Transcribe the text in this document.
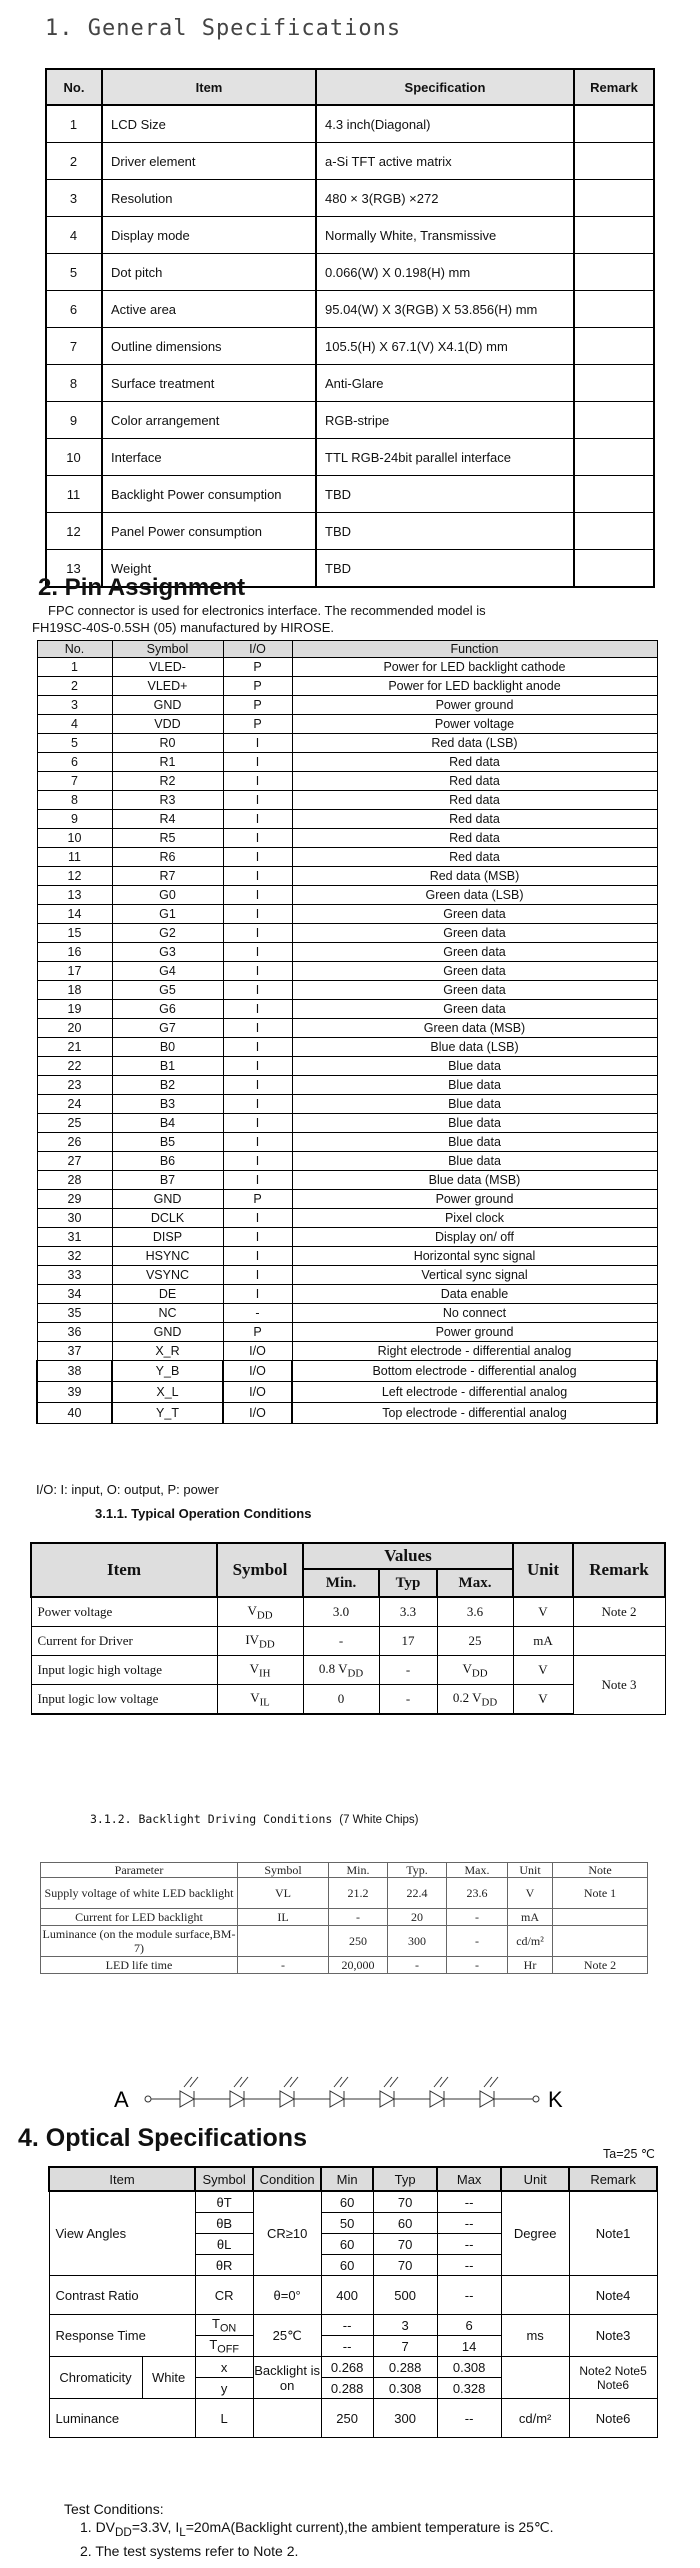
1. General Specifications
No.	Item	Specification	Remark
1	LCD Size	4.3 inch(Diagonal)	
2	Driver element	a-Si TFT active matrix	
3	Resolution	480 × 3(RGB) ×272	
4	Display mode	Normally White, Transmissive	
5	Dot pitch	0.066(W) X 0.198(H) mm	
6	Active area	95.04(W) X 3(RGB) X 53.856(H) mm	
7	Outline dimensions	105.5(H) X 67.1(V) X4.1(D) mm	
8	Surface treatment	Anti-Glare	
9	Color arrangement	RGB-stripe	
10	Interface	TTL RGB-24bit parallel interface	
11	Backlight Power consumption	TBD	
12	Panel Power consumption	TBD	
13	Weight	TBD	
2. Pin Assignment
FPC connector is used for electronics interface. The recommended model is
FH19SC-40S-0.5SH (05) manufactured by HIROSE.
No.	Symbol	I/O	Function
1	VLED-	P	Power for LED backlight cathode
2	VLED+	P	Power for LED backlight anode
3	GND	P	Power ground
4	VDD	P	Power voltage
5	R0	I	Red data (LSB)
6	R1	I	Red data
7	R2	I	Red data
8	R3	I	Red data
9	R4	I	Red data
10	R5	I	Red data
11	R6	I	Red data
12	R7	I	Red data (MSB)
13	G0	I	Green data (LSB)
14	G1	I	Green data
15	G2	I	Green data
16	G3	I	Green data
17	G4	I	Green data
18	G5	I	Green data
19	G6	I	Green data
20	G7	I	Green data (MSB)
21	B0	I	Blue data (LSB)
22	B1	I	Blue data
23	B2	I	Blue data
24	B3	I	Blue data
25	B4	I	Blue data
26	B5	I	Blue data
27	B6	I	Blue data
28	B7	I	Blue data (MSB)
29	GND	P	Power ground
30	DCLK	I	Pixel clock
31	DISP	I	Display on/ off
32	HSYNC	I	Horizontal sync signal
33	VSYNC	I	Vertical sync signal
34	DE	I	Data enable
35	NC	-	No connect
36	GND	P	Power ground
37	X_R	I/O	Right electrode - differential analog
38	Y_B	I/O	Bottom electrode - differential analog
39	X_L	I/O	Left electrode - differential analog
40	Y_T	I/O	Top electrode - differential analog
I/O: I: input, O: output, P: power
3.1.1. Typical Operation Conditions
Item	Symbol	Values			Unit	Remark
		Min.	Typ	Max.		
Power voltage	$V_{DD}$	3.0	3.3	3.6	V	Note 2
Current for Driver	$IV_{DD}$	-	17	25	mA	
Input logic high voltage	$V_{IH}$	0.8 $V_{DD}$	-	$V_{DD}$	V	Note 3
Input logic low voltage	$V_{IL}$	0	-	0.2 $V_{DD}$	V	
3.1.2. Backlight Driving Conditions (7 White Chips)
Parameter	Symbol	Min.	Typ.	Max.	Unit	Note
Supply voltage of white LED backlight	VL	21.2	22.4	23.6	V	Note 1
Current for LED backlight	IL	-	20	-	mA	
Luminance (on the module surface,BM-7)		250	300	-	cd/m²	
LED life time	-	20,000	-	-	Hr	Note 2
A	K
4. Optical Specifications
Ta=25 ℃
Item		Symbol	Condition	Min	Typ	Max	Unit	Remark
View Angles		θT	CR≥10	60	70	--	Degree	Note1
		θB		50	60	--		
		θL		60	70	--		
		θR		60	70	--		
Contrast Ratio		CR	θ=0°	400	500	--		Note4
Response Time		$T_{ON}$	25℃	--	3	6	ms	Note3
		$T_{OFF}$		--	7	14		
Chromaticity	White	x	Backlight is on	0.268	0.288	0.308		Note2 Note5 Note6
		y		0.288	0.308	0.328		
Luminance		L		250	300	--	cd/m²	Note6
Test Conditions:
1. $DV_{DD}=3.3V$, $I_L=20mA(Backlight$ current),the ambient temperature is 25℃.
2. The test systems refer to Note 2.
